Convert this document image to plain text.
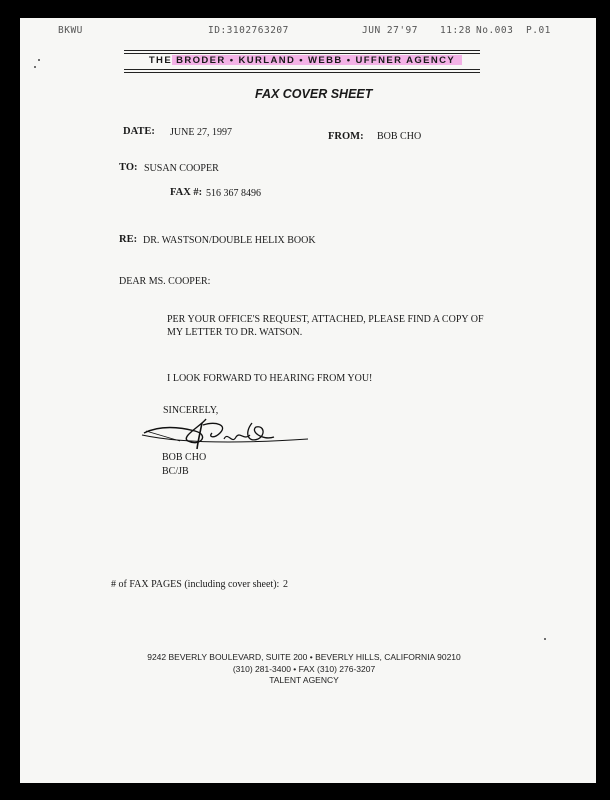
BKWU	ID:3102763207	JUN 27'97 11:28 No.003 P.01
THE BRODER • KURLAND • WEBB • UFFNER AGENCY
FAX COVER SHEET
DATE: JUNE 27, 1997	FROM: BOB CHO
TO: SUSAN COOPER
FAX #: 516 367 8496
RE: DR. WASTSON/DOUBLE HELIX BOOK
DEAR MS. COOPER:
PER YOUR OFFICE'S REQUEST, ATTACHED, PLEASE FIND A COPY OF
MY LETTER TO DR. WATSON.
I LOOK FORWARD TO HEARING FROM YOU!
SINCERELY,
BOB CHO
BC/JB
# of FAX PAGES (including cover sheet): 2
9242 BEVERLY BOULEVARD, SUITE 200 • BEVERLY HILLS, CALIFORNIA 90210
(310) 281-3400 • FAX (310) 276-3207
TALENT AGENCY
